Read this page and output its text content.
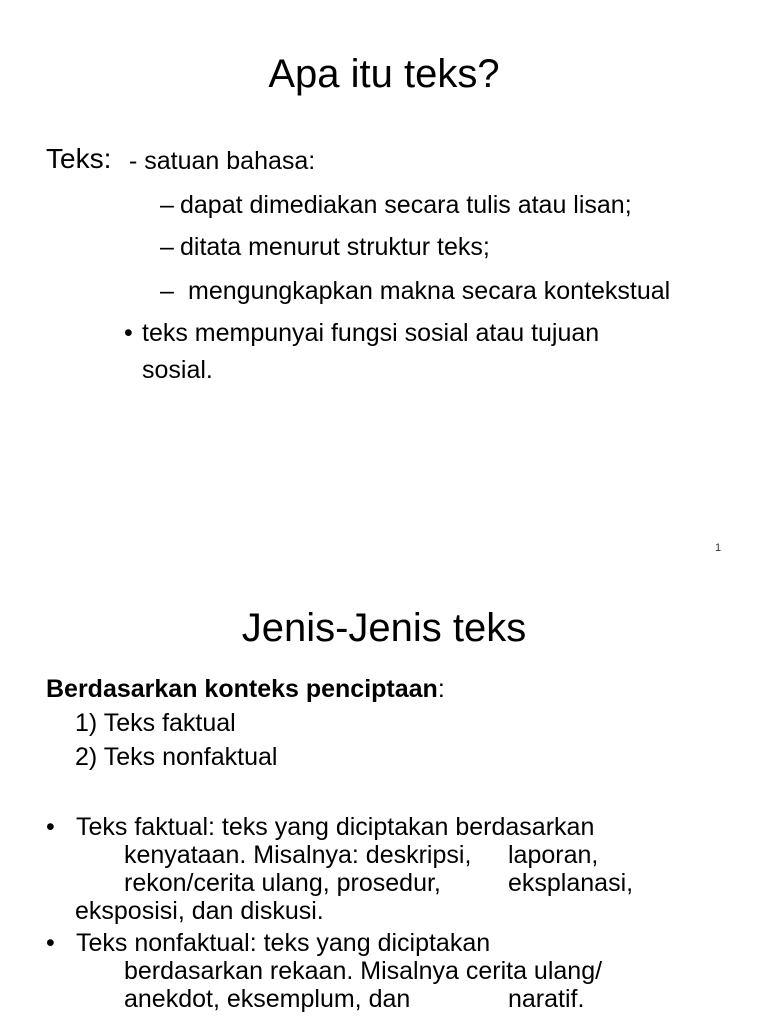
Apa itu teks?
Teks: - satuan bahasa:
– dapat dimediakan secara tulis atau lisan;
– ditata menurut struktur teks;
– mengungkapkan makna secara kontekstual
• teks mempunyai fungsi sosial atau tujuan
sosial.
1
Jenis-Jenis teks
Berdasarkan konteks penciptaan:
1) Teks faktual
2) Teks nonfaktual
• Teks faktual: teks yang diciptakan berdasarkan
kenyataan. Misalnya: deskripsi, laporan,
rekon/cerita ulang, prosedur,	eksplanasi,
eksposisi, dan diskusi.
• Teks nonfaktual: teks yang diciptakan
berdasarkan rekaan. Misalnya cerita ulang/
anekdot, eksemplum, dan	naratif.
